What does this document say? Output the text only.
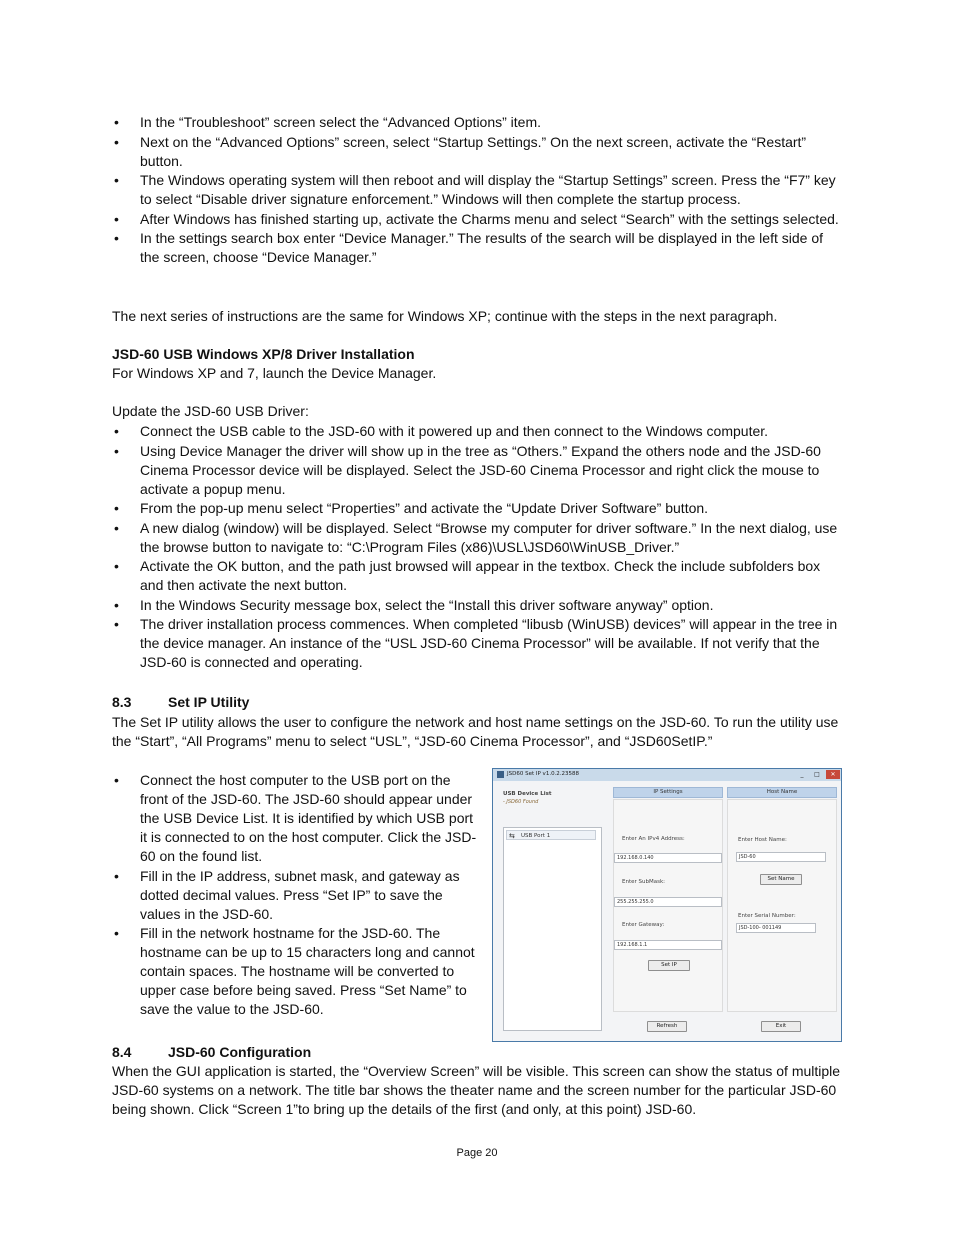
• In the “Troubleshoot” screen select the “Advanced Options” item.
• Next on the “Advanced Options” screen, select “Startup Settings.” On the next screen, activate the “Restart” button.
• The Windows operating system will then reboot and will display the “Startup Settings” screen. Press the “F7” key to select “Disable driver signature enforcement.” Windows will then complete the startup process.
• After Windows has finished starting up, activate the Charms menu and select “Search” with the settings selected.
• In the settings search box enter “Device Manager.” The results of the search will be displayed in the left side of the screen, choose “Device Manager.”
The next series of instructions are the same for Windows XP; continue with the steps in the next paragraph.
JSD-60 USB Windows XP/8 Driver Installation
For Windows XP and 7, launch the Device Manager.
Update the JSD-60 USB Driver:
• Connect the USB cable to the JSD-60 with it powered up and then connect to the Windows computer.
• Using Device Manager the driver will show up in the tree as “Others.” Expand the others node and the JSD-60 Cinema Processor device will be displayed. Select the JSD-60 Cinema Processor and right click the mouse to activate a popup menu.
• From the pop-up menu select “Properties” and activate the “Update Driver Software” button.
• A new dialog (window) will be displayed. Select “Browse my computer for driver software.” In the next dialog, use the browse button to navigate to: “C:\Program Files (x86)\USL\JSD60\WinUSB_Driver.”
• Activate the OK button, and the path just browsed will appear in the textbox. Check the include subfolders box and then activate the next button.
• In the Windows Security message box, select the “Install this driver software anyway” option.
• The driver installation process commences. When completed “libusb (WinUSB) devices” will appear in the tree in the device manager. An instance of the “USL JSD-60 Cinema Processor” will be available. If not verify that the JSD-60 is connected and operating.
8.3	Set IP Utility
The Set IP utility allows the user to configure the network and host name settings on the JSD-60. To run the utility use the “Start”, “All Programs” menu to select “USL”, “JSD-60 Cinema Processor”, and “JSD60SetIP.”
• Connect the host computer to the USB port on the front of the JSD-60. The JSD-60 should appear under the USB Device List. It is identified by which USB port it is connected to on the host computer. Click the JSD-60 on the found list.
• Fill in the IP address, subnet mask, and gateway as dotted decimal values. Press “Set IP” to save the values in the JSD-60.
• Fill in the network hostname for the JSD-60. The hostname can be up to 15 characters long and cannot contain spaces. The hostname will be converted to upper case before being saved. Press “Set Name” to save the value to the JSD-60.
JSD60 Set IP v1.0.2.23588	_	□	✕
USB Device List
- JSD60 Found
⇆ USB Port 1
IP Settings
Enter An IPv4 Address:
192.168.0.140
Enter SubMask:
255.255.255.0
Enter Gateway:
192.168.1.1
Set IP
Host Name
Enter Host Name:
JSD-60
Set Name
Enter Serial Number:
JSD-100- 001149
Refresh	Exit
8.4	JSD-60 Configuration
When the GUI application is started, the “Overview Screen” will be visible. This screen can show the status of multiple JSD-60 systems on a network. The title bar shows the theater name and the screen number for the particular JSD-60 being shown. Click “Screen 1”to bring up the details of the first (and only, at this point) JSD-60.
Page 20
